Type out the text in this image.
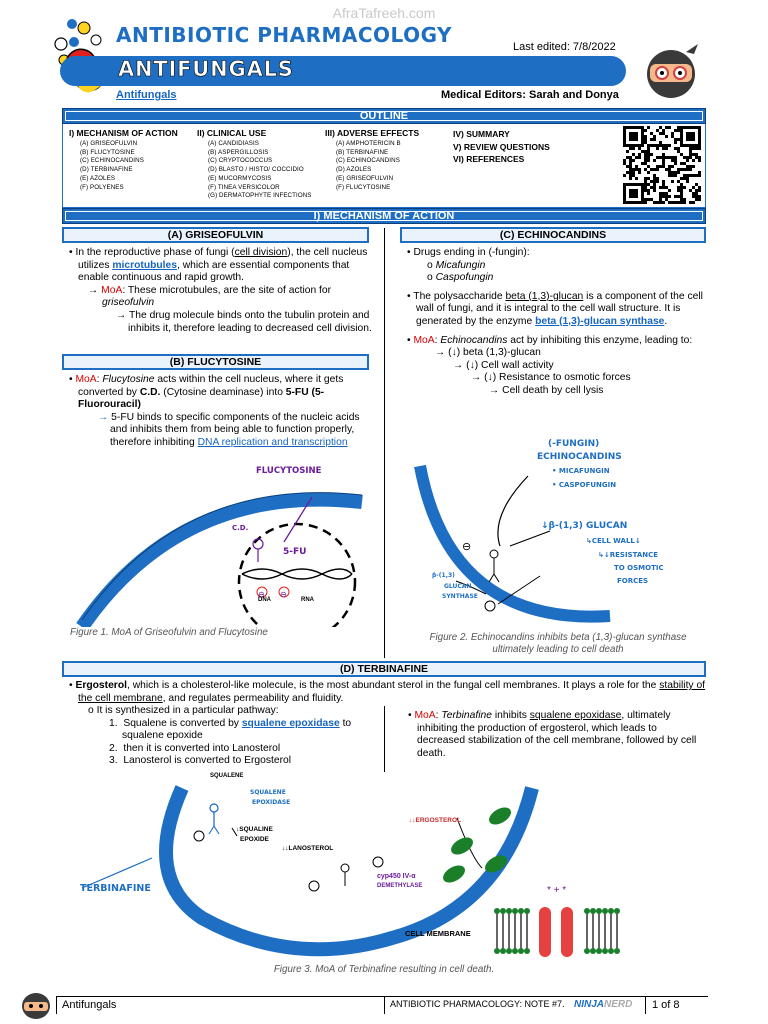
AfraTafreeh.com
ANTIBIOTIC PHARMACOLOGY
ANTIFUNGALS
Last edited: 7/8/2022
Antifungals	Medical Editors: Sarah and Donya
OUTLINE
I) MECHANISM OF ACTION
(A) GRISEOFULVIN
(B) FLUCYTOSINE
(C) ECHINOCANDINS
(D) TERBINAFINE
(E) AZOLES
(F) POLYENES
II) CLINICAL USE
(A) CANDIDIASIS
(B) ASPERGILLOSIS
(C) CRYPTOCOCCUS
(D) BLASTO / HISTO/ COCCIDIO
(E) MUCORMYCOSIS
(F) TINEA VERSICOLOR
(G) DERMATOPHYTE INFECTIONS
III) ADVERSE EFFECTS
(A) AMPHOTERICIN B
(B) TERBINAFINE
(C) ECHINOCANDINS
(D) AZOLES
(E) GRISEOFULVIN
(F) FLUCYTOSINE
IV) SUMMARY
V) REVIEW QUESTIONS
VI) REFERENCES
I) MECHANISM OF ACTION
(A) GRISEOFULVIN
• In the reproductive phase of fungi (cell division), the cell nucleus utilizes microtubules, which are essential components that enable continuous and rapid growth.
→ MoA: These microtubules, are the site of action for griseofulvin
→ The drug molecule binds onto the tubulin protein and inhibits it, therefore leading to decreased cell division.
(B) FLUCYTOSINE
• MoA: Flucytosine acts within the cell nucleus, where it gets converted by C.D. (Cytosine deaminase) into 5-FU (5-Fluorouracil)
→ 5-FU binds to specific components of the nucleic acids and inhibits them from being able to function properly, therefore inhibiting DNA replication and transcription
⊖ ⊖
FLUCYTOSINE
C.D.
5-FU
DNA	RNA
Figure 1. MoA of Griseofulvin and Flucytosine
(C) ECHINOCANDINS
• Drugs ending in (-fungin):
o Micafungin
o Caspofungin
• The polysaccharide beta (1,3)-glucan is a component of the cell wall of fungi, and it is integral to the cell wall structure. It is generated by the enzyme beta (1,3)-glucan synthase.
• MoA: Echinocandins act by inhibiting this enzyme, leading to:
→ (↓) beta (1,3)-glucan
→ (↓) Cell wall activity
→ (↓) Resistance to osmotic forces
→ Cell death by cell lysis
(-FUNGIN)
ECHINOCANDINS
• MICAFUNGIN
• CASPOFUNGIN
↓β-(1,3) GLUCAN
↳CELL WALL↓
↳↓RESISTANCE
TO OSMOTIC
FORCES
β-(1,3)
GLUCAN
SYNTHASE
⊖
Figure 2. Echinocandins inhibits beta (1,3)-glucan synthase ultimately leading to cell death
(D) TERBINAFINE
• Ergosterol, which is a cholesterol-like molecule, is the most abundant sterol in the fungal cell membranes. It plays a role for the stability of the cell membrane, and regulates permeability and fluidity.
o It is synthesized in a particular pathway:
1. Squalene is converted by squalene epoxidase to squalene epoxide
2. then it is converted into Lanosterol
3. Lanosterol is converted to Ergosterol
• MoA: Terbinafine inhibits squalene epoxidase, ultimately inhibiting the production of ergosterol, which leads to decreased stabilization of the cell membrane, followed by cell death.
* + *
SQUALENE
SQUALENE
EPOXIDASE
↓SQUALINE
EPOXIDE
↓↓LANOSTEROL
↓↓ERGOSTEROL
cyp450 IV-α
DEMETHYLASE
TERBINAFINE
CELL MEMBRANE
Figure 3. MoA of Terbinafine resulting in cell death.
Antifungals	ANTIBIOTIC PHARMACOLOGY: NOTE #7. NINJANERD 1 of 8
